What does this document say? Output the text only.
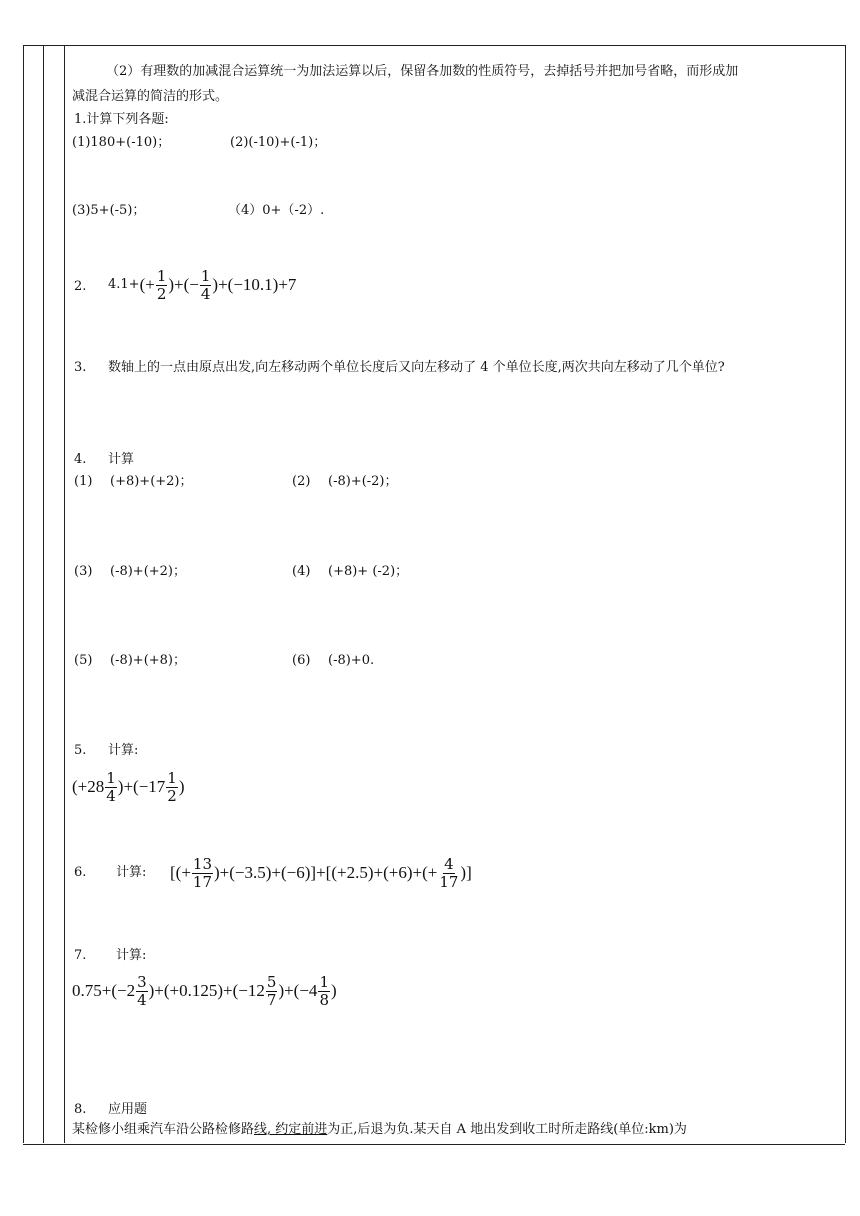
（2）有理数的加减混合运算统一为加法运算以后，保留各加数的性质符号，去掉括号并把加号省略，而形成加
减混合运算的简洁的形式。
1.计算下列各题:
(1)180+(-10)；	(2)(-10)+(-1)；
(3)5+(-5)；	（4）0+（-2）.
2. 4.1+ (+ $\frac{1}{2}$ )+(− $\frac{1}{4} )+(-10.1)+7$
3. 数轴上的一点由原点出发,向左移动两个单位长度后又向左移动了 4 个单位长度,两次共向左移动了几个单位?
4. 计算
(1) (+8)+(+2)；	(2) (-8)+(-2)；
(3) (-8)+(+2)；	(4) (+8)+ (-2)；
(5) (-8)+(+8)；	(6) (-8)+0.
5. 计算:
$(+28 \frac{1}{4} )+(-17 \frac{1}{2}$ )
6. 计算: [(+ $\frac{13}{17} )+(-3.5)+(-6)]+[(+2.5)+(+6)+(+ \frac{4}{17}$ )]
7. 计算:
$0.75+(-2 \frac{3}{4} )+(+0.125)+(-12 \frac{5}{7} )+(-4 \frac{1}{8}$ )
8. 应用题
某检修小组乘汽车沿公路检修路线, 约定前进为正,后退为负.某天自 A 地出发到收工时所走路线(单位:km)为
